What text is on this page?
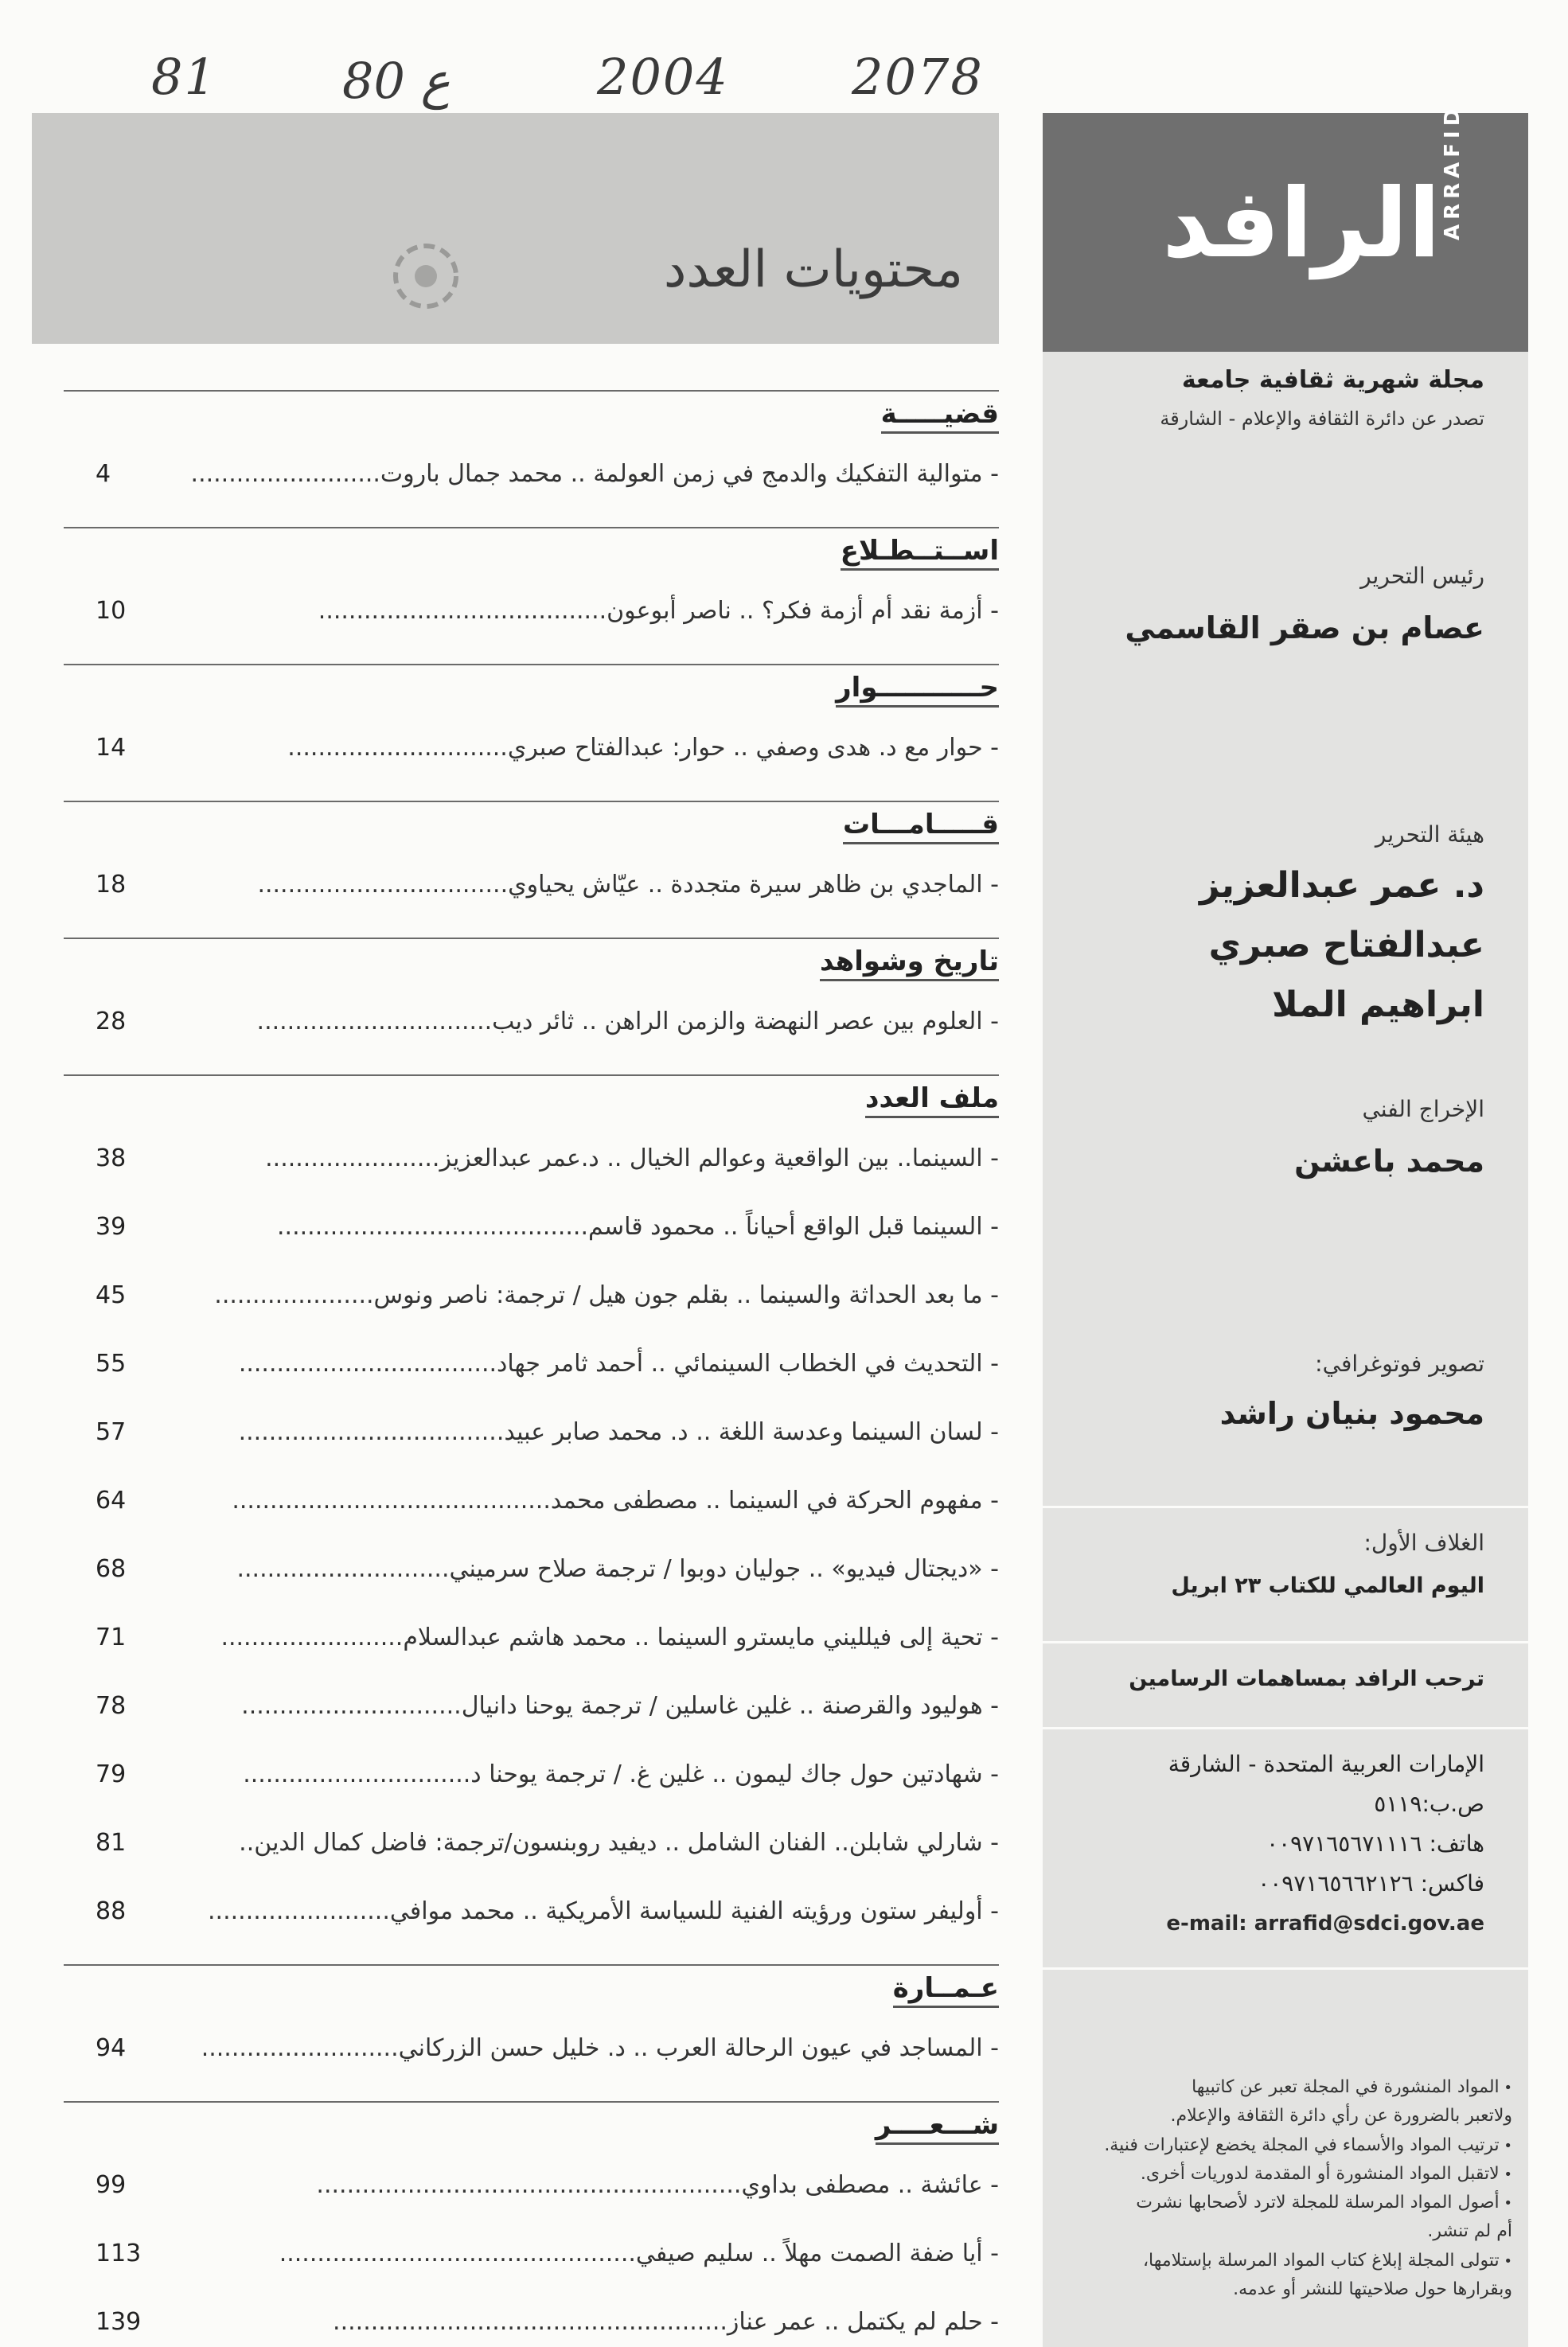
81	80 ع	2004 2078
محتويات العدد
قضيـــــة
- متوالية التفكيك والدمج في زمن العولمة .. محمد جمال باروت.........................
4
اســتــطـلاع
- أزمة نقد أم أزمة فكر؟ .. ناصر أبوعون......................................
10
حـــــــــــوار
- حوار مع د. هدى وصفي .. حوار: عبدالفتاح صبري.............................
14
قـــــامـــات
- الماجدي بن ظاهر سيرة متجددة .. عيّاش يحياوي.................................
18
تاريخ وشواهد
- العلوم بين عصر النهضة والزمن الراهن .. ثائر ديب...............................
28
ملف العدد
- السينما.. بين الواقعية وعوالم الخيال .. د.عمر عبدالعزيز.......................
38
- السينما قبل الواقع أحياناً .. محمود قاسم.........................................
39
- ما بعد الحداثة والسينما .. بقلم جون هيل / ترجمة: ناصر ونوس.....................
45
- التحديث في الخطاب السينمائي .. أحمد ثامر جهاد..................................
55
- لسان السينما وعدسة اللغة .. د. محمد صابر عبيد...................................
57
- مفهوم الحركة في السينما .. مصطفى محمد..........................................
64
- «ديجتال فيديو» .. جوليان دوبوا / ترجمة صلاح سرميني............................
68
- تحية إلى فيلليني مايسترو السينما .. محمد هاشم عبدالسلام........................
71
- هوليود والقرصنة .. غلين غاسلين / ترجمة يوحنا دانيال.............................
78
- شهادتين حول جاك ليمون .. غلين غ. / ترجمة يوحنا د..............................
79
- شارلي شابلن.. الفنان الشامل .. ديفيد روبنسون/ترجمة: فاضل كمال الدين..
81
- أوليفر ستون ورؤيته الفنية للسياسة الأمريكية .. محمد موافي........................
88
عـمــارة
- المساجد في عيون الرحالة العرب .. د. خليل حسن الزركاني..........................
94
شـــعــــر
- عائشة .. مصطفى بداوي........................................................
99
- أيا ضفة الصمت مهلاً .. سليم صيفي...............................................
113
- حلم لم يكتمل .. عمر عناز....................................................
139
الرافد ARRAFID
مجلة شهرية ثقافية جامعة
تصدر عن دائرة الثقافة والإعلام - الشارقة
رئيس التحرير
عصام بن صقر القاسمي
هيئة التحرير
د. عمر عبدالعزيز
عبدالفتاح صبري
ابراهيم الملا
الإخراج الفني
محمد باعشن
تصوير فوتوغرافي:
محمود بنيان راشد
الغلاف الأول:
اليوم العالمي للكتاب ٢٣ ابريل
ترحب الرافد بمساهمات الرسامين
الإمارات العربية المتحدة - الشارقة
ص.ب:٥١١٩
هاتف: ٠٠٩٧١٦٥٦٧١١١٦
فاكس: ٠٠٩٧١٦٥٦٦٢١٢٦
e-mail: arrafid@sdci.gov.ae

• المواد المنشورة في المجلة تعبر عن كاتبيها

ولاتعبر بالضرورة عن رأي دائرة الثقافة والإعلام.

• ترتيب المواد والأسماء في المجلة يخضع لإعتبارات فنية.

• لاتقبل المواد المنشورة أو المقدمة لدوريات أخرى.

• أصول المواد المرسلة للمجلة لاترد لأصحابها نشرت

أم لم تنشر.

• تتولى المجلة إبلاغ كتاب المواد المرسلة بإستلامها،

وبقرارها حول صلاحيتها للنشر أو عدمه.
